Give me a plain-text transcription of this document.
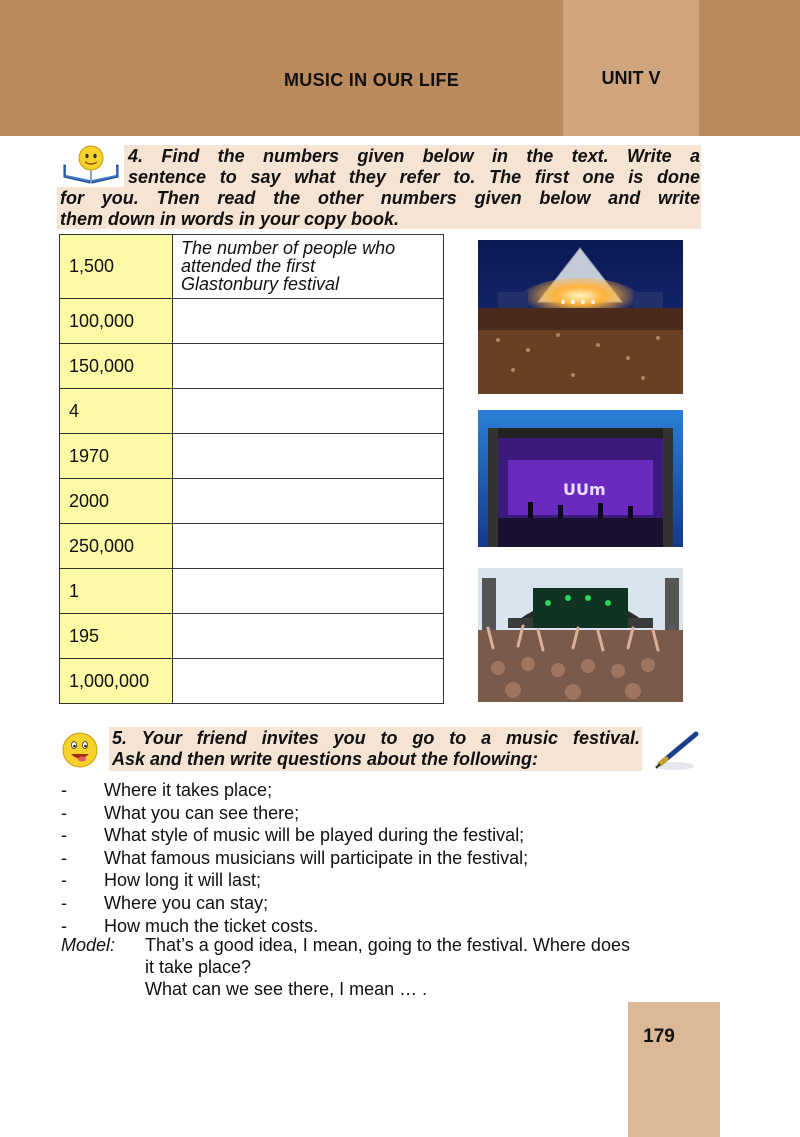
MUSIC IN OUR LIFE	UNIT V
4. Find the numbers given below in the text. Write a
sentence to say what they refer to. The first one is done
for you. Then read the other numbers given below and write
them down in words in your copy book.
1,500	The number of people who
attended the first
Glastonbury festival

100,000	
150,000	
4	
1970	
2000	
250,000	
1	
195	
1,000,000	
UUm
5. Your friend invites you to go to a music festival.
Ask and then write questions about the following:
- Where it takes place;
- What you can see there;
- What style of music will be played during the festival;
- What famous musicians will participate in the festival;
- How long it will last;
- Where you can stay;
- How much the ticket costs.
Model: That’s a good idea, I mean, going to the festival. Where does
it take place?
What can we see there, I mean … .
179
